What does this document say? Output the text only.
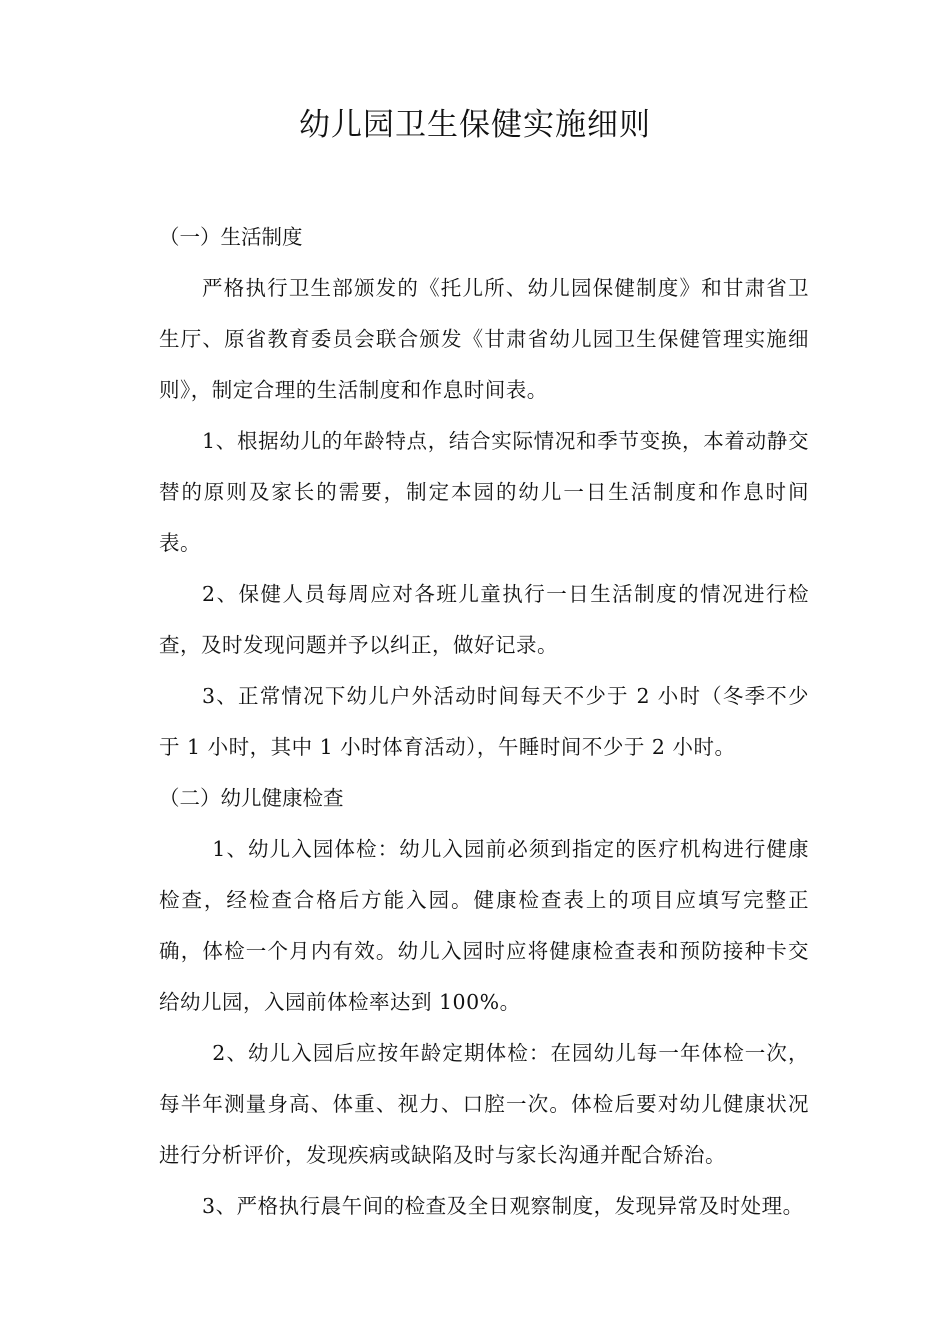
幼儿园卫生保健实施细则
（一）生活制度

严格执行卫生部颁发的《托儿所、幼儿园保健制度》和甘肃省卫生厅、原省教育委员会联合颁发《甘肃省幼儿园卫生保健管理实施细则》，制定合理的生活制度和作息时间表。

1、根据幼儿的年龄特点，结合实际情况和季节变换，本着动静交替的原则及家长的需要，制定本园的幼儿一日生活制度和作息时间表。

2、保健人员每周应对各班儿童执行一日生活制度的情况进行检查，及时发现问题并予以纠正，做好记录。

3、正常情况下幼儿户外活动时间每天不少于 2 小时（冬季不少于 1 小时，其中 1 小时体育活动），午睡时间不少于 2 小时。

（二）幼儿健康检查

1、幼儿入园体检：幼儿入园前必须到指定的医疗机构进行健康检查，经检查合格后方能入园。健康检查表上的项目应填写完整正确，体检一个月内有效。幼儿入园时应将健康检查表和预防接种卡交给幼儿园，入园前体检率达到 100%。

2、幼儿入园后应按年龄定期体检：在园幼儿每一年体检一次，每半年测量身高、体重、视力、口腔一次。体检后要对幼儿健康状况进行分析评价，发现疾病或缺陷及时与家长沟通并配合矫治。

3、严格执行晨午间的检查及全日观察制度，发现异常及时处理。
